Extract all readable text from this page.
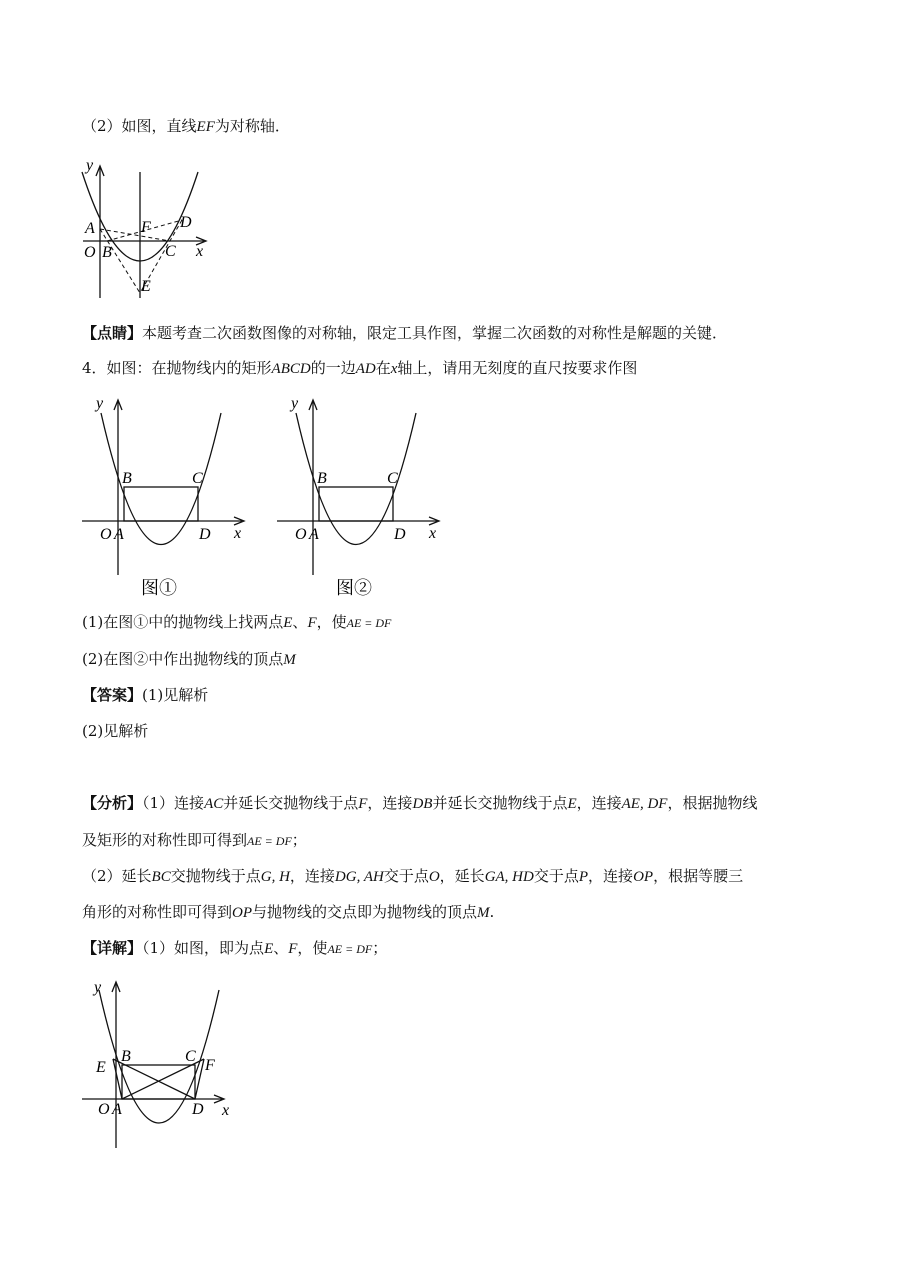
（2）如图，直线EF为对称轴．
y
x
A
O B
F D
C
E
【点睛】本题考查二次函数图像的对称轴，限定工具作图，掌握二次函数的对称性是解题的关键．
4．如图：在抛物线内的矩形ABCD的一边AD在x轴上，请用无刻度的直尺按要求作图
y
x
B	C
O A	D
图①
y
x
B	C
O A	D
图②
(1)在图①中的抛物线上找两点E、F，使AE = DF
(2)在图②中作出抛物线的顶点M
【答案】(1)见解析
(2)见解析
【分析】（1）连接AC并延长交抛物线于点F，连接DB并延长交抛物线于点E，连接AE, DF，根据抛物线
及矩形的对称性即可得到AE = DF；
（2）延长BC交抛物线于点G, H，连接DG, AH交于点O，延长GA, HD交于点P，连接OP，根据等腰三
角形的对称性即可得到OP与抛物线的交点即为抛物线的顶点M.
【详解】（1）如图，即为点E、F，使AE = DF；
y
x
E
B	C
F
O A	D
